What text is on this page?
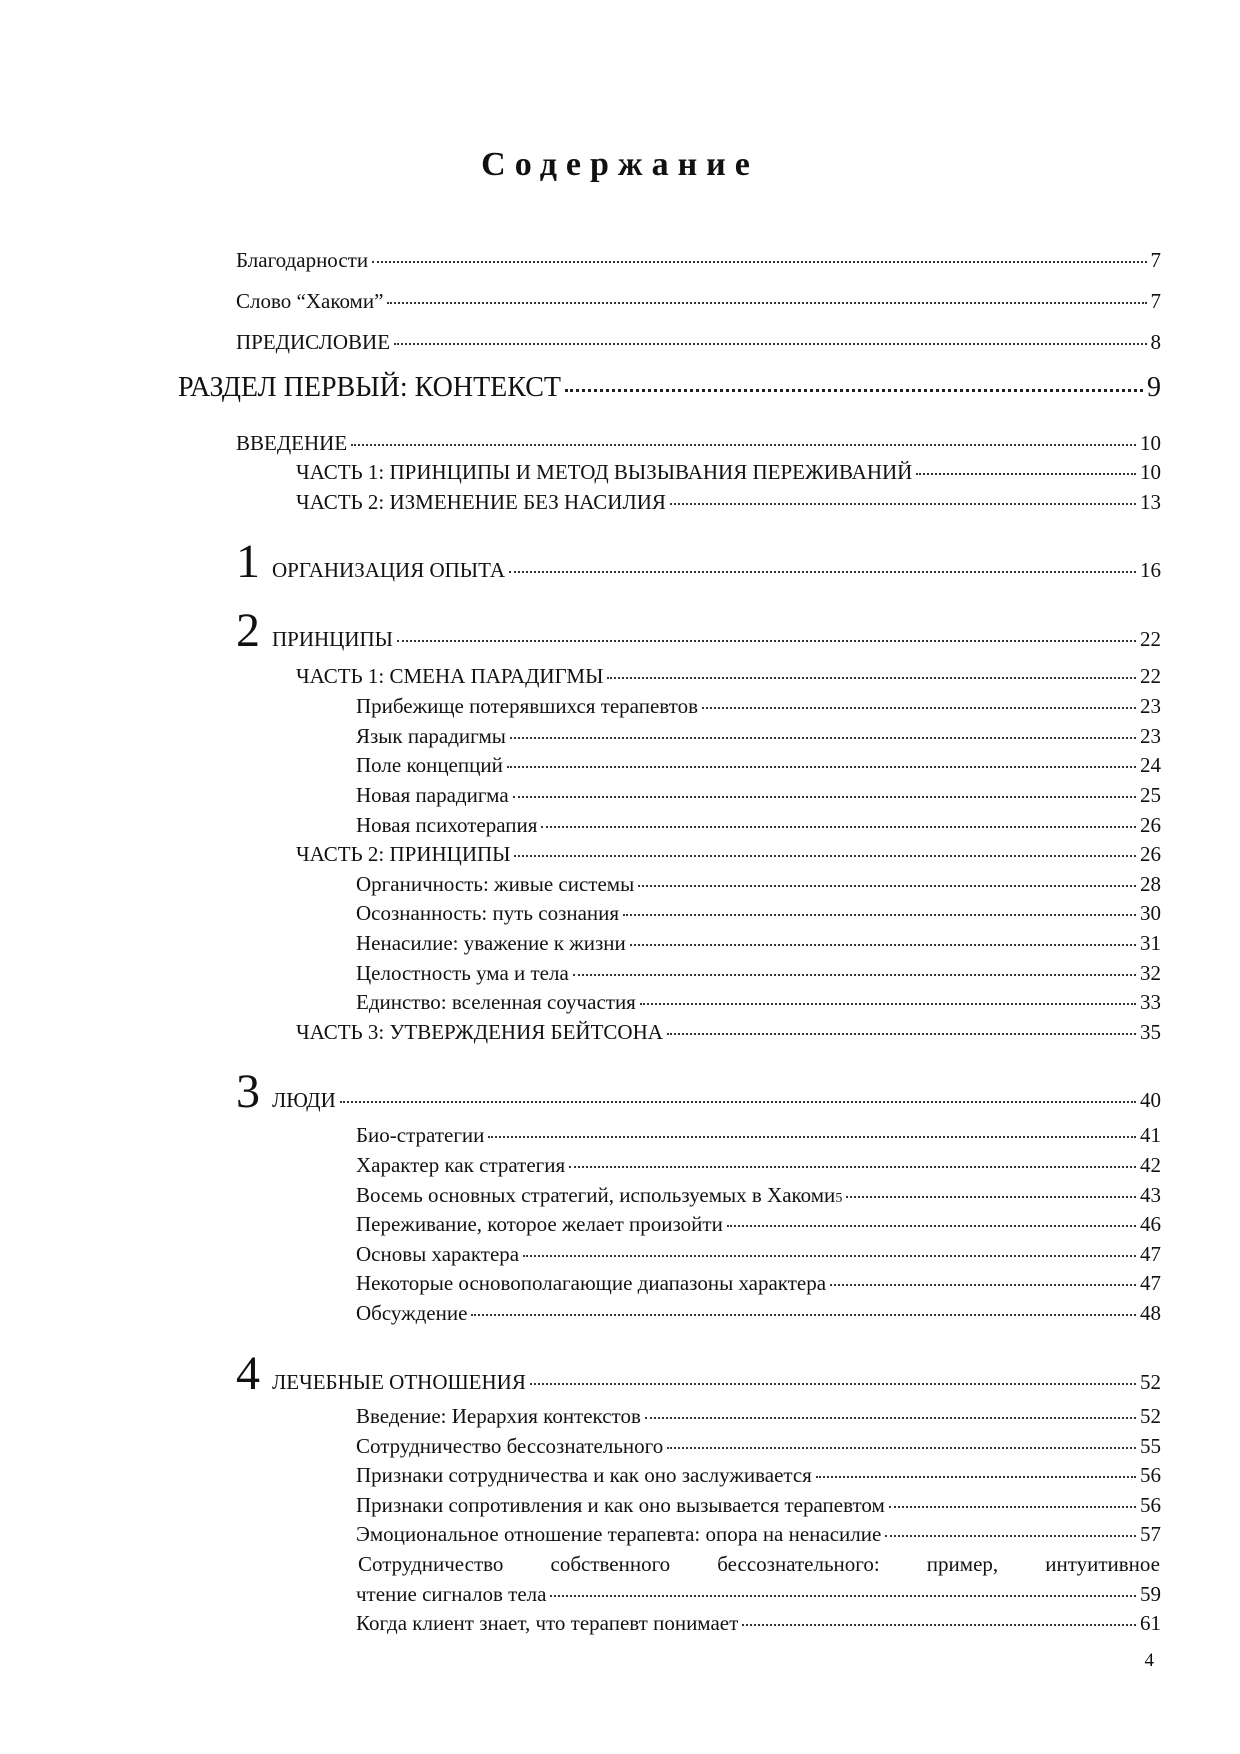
Содержание
Благодарности	7
Слово “Хакоми”	7
ПРЕДИСЛОВИЕ	8
РАЗДЕЛ ПЕРВЫЙ: КОНТЕКСТ	9
ВВЕДЕНИЕ	10
ЧАСТЬ 1: ПРИНЦИПЫ И МЕТОД ВЫЗЫВАНИЯ ПЕРЕЖИВАНИЙ	10
ЧАСТЬ 2: ИЗМЕНЕНИЕ БЕЗ НАСИЛИЯ	13
1 ОРГАНИЗАЦИЯ ОПЫТА	16
2 ПРИНЦИПЫ	22
ЧАСТЬ 1: СМЕНА ПАРАДИГМЫ	22
Прибежище потерявшихся терапевтов	23
Язык парадигмы	23
Поле концепций	24
Новая парадигма	25
Новая психотерапия	26
ЧАСТЬ 2: ПРИНЦИПЫ	26
Органичность: живые системы	28
Осознанность: путь сознания	30
Ненасилие: уважение к жизни	31
Целостность ума и тела	32
Единство: вселенная соучастия	33
ЧАСТЬ 3: УТВЕРЖДЕНИЯ БЕЙТСОНА	35
3 ЛЮДИ	40
Био-стратегии	41
Характер как стратегия	42
Восемь основных стратегий, используемых в Хакоми 5	43
Переживание, которое желает произойти	46
Основы характера	47
Некоторые основополагающие диапазоны характера	47
Обсуждение	48
4 ЛЕЧЕБНЫЕ ОТНОШЕНИЯ	52
Введение: Иерархия контекстов	52
Сотрудничество бессознательного	55
Признаки сотрудничества и как оно заслуживается	56
Признаки сопротивления и как оно вызывается терапевтом	56
Эмоциональное отношение терапевта: опора на ненасилие	57
Сотрудничество собственного бессознательного: пример, интуитивное
чтение сигналов тела	59
Когда клиент знает, что терапевт понимает	61
4
